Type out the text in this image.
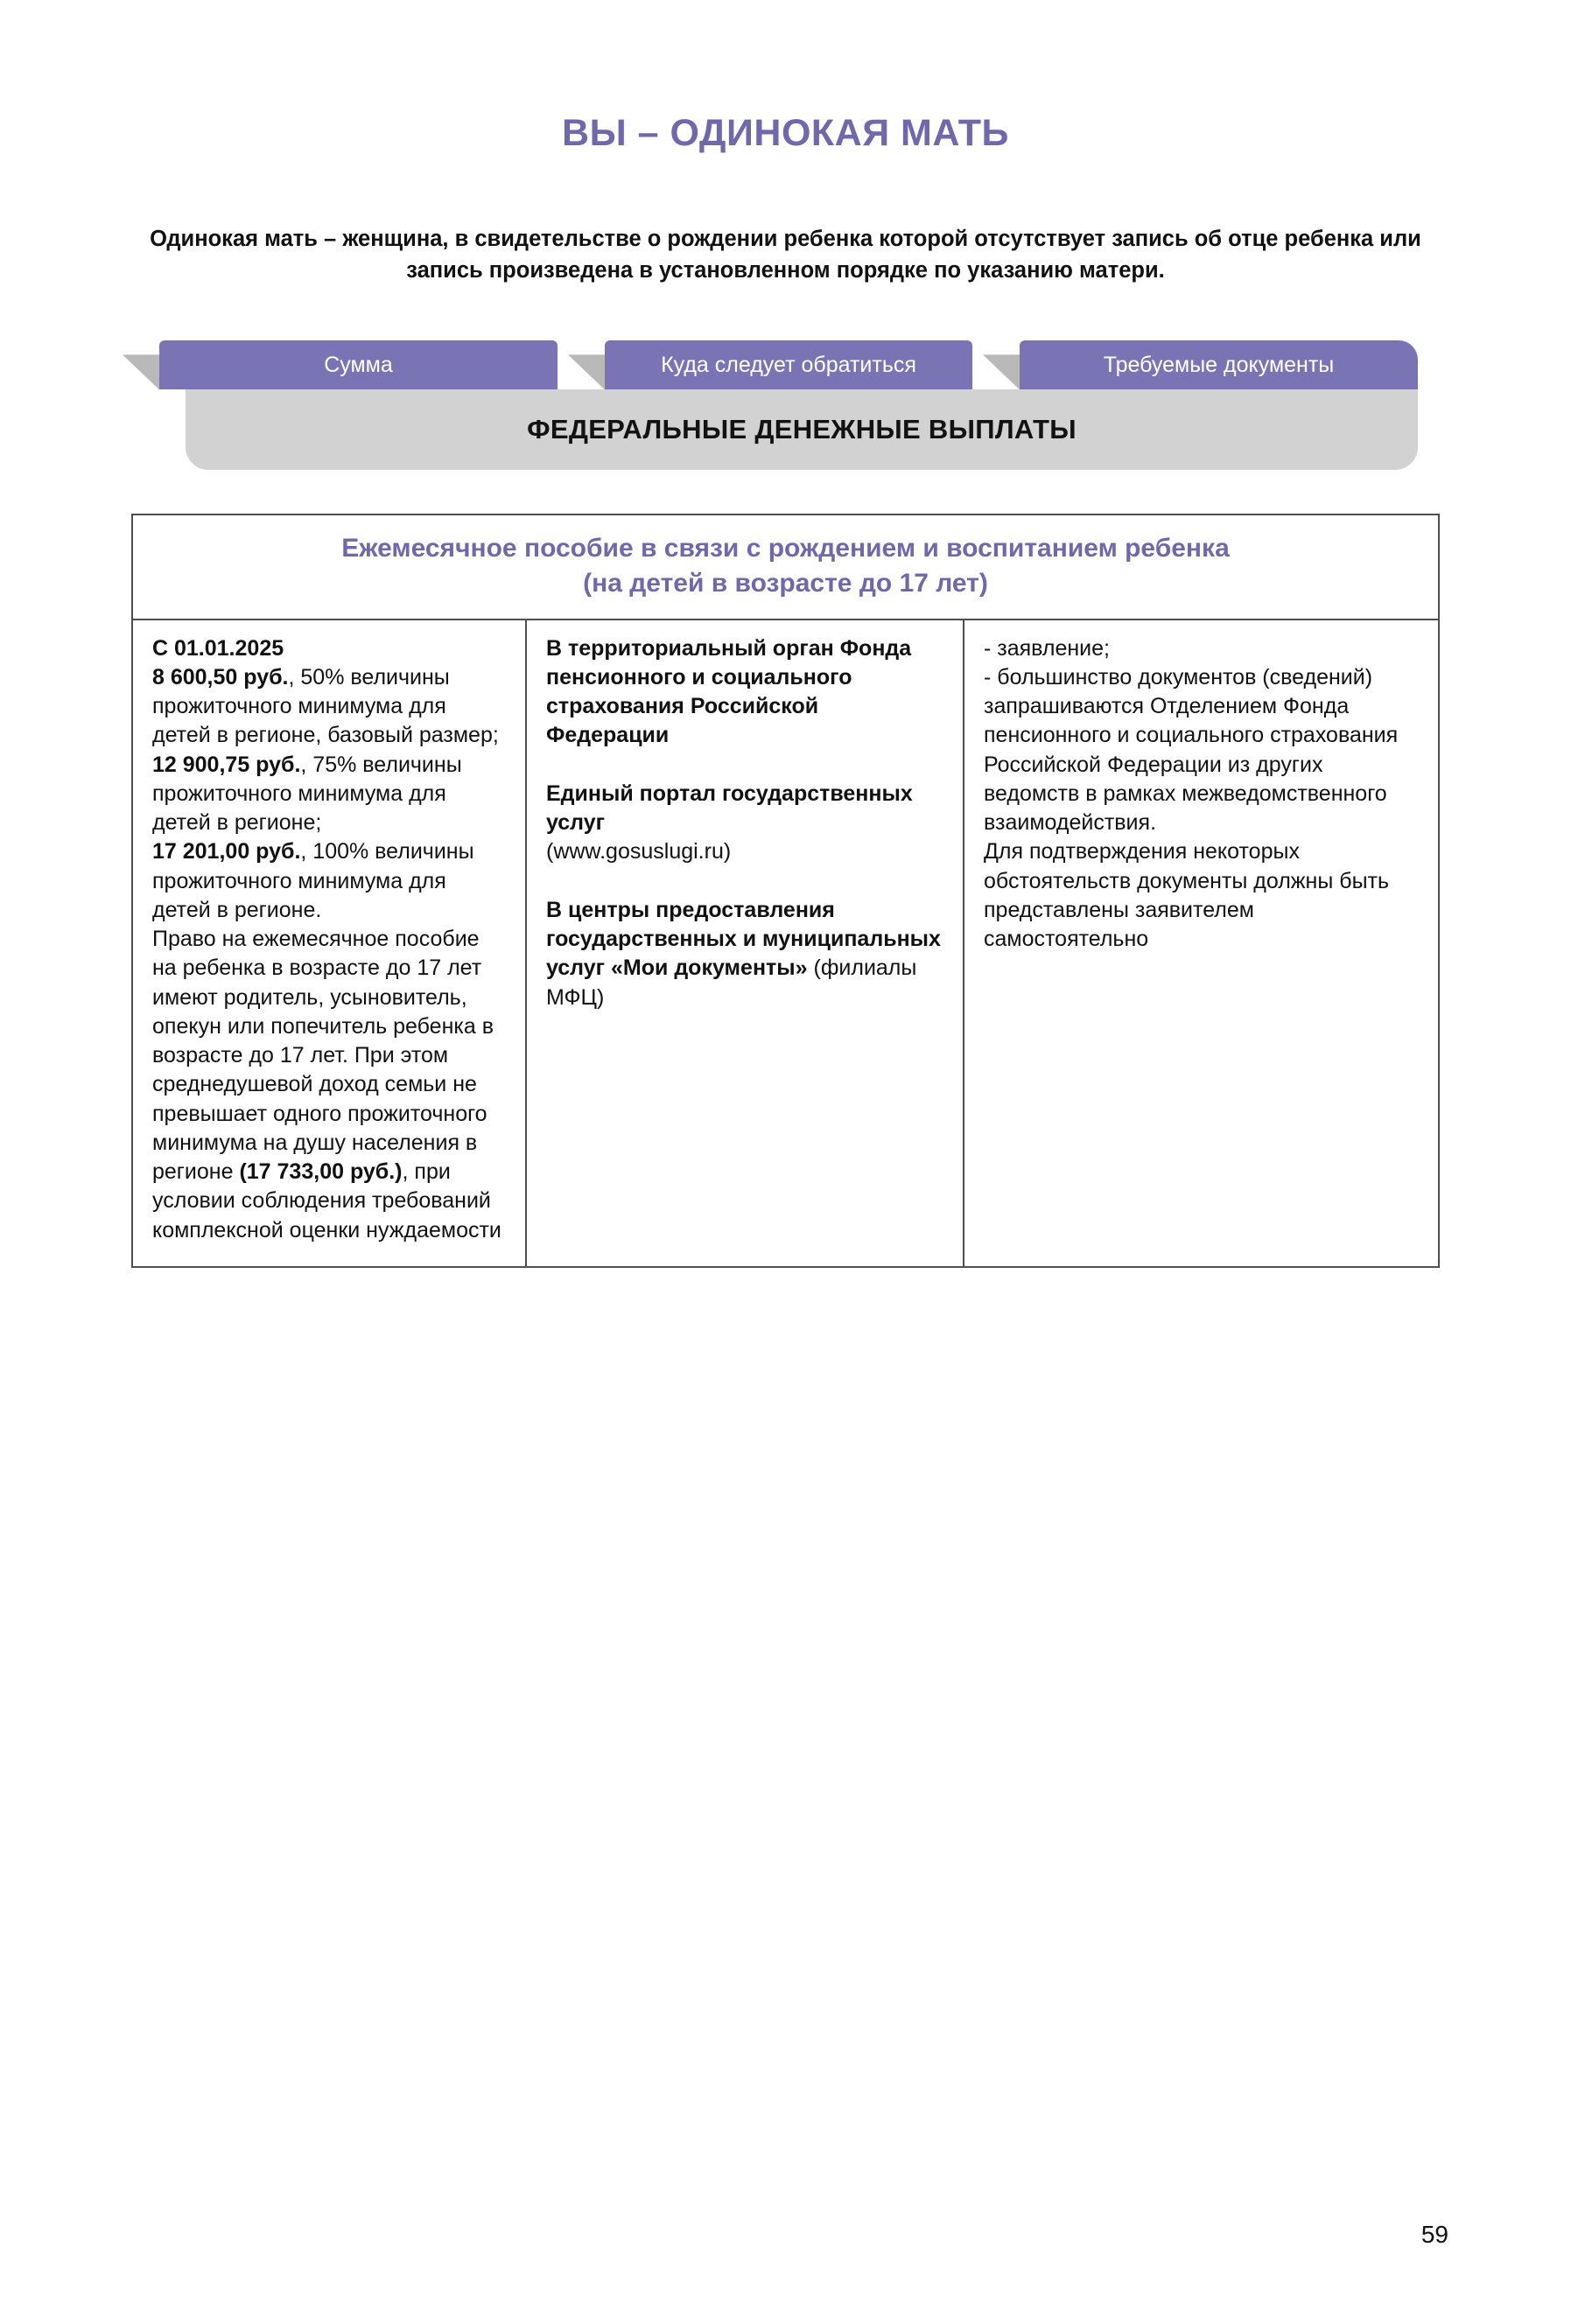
ВЫ – ОДИНОКАЯ МАТЬ

Одинокая мать – женщина, в свидетельстве о рождении ребенка которой отсутствует запись об отце ребенка или запись произведена в установленном порядке по указанию матери.

Сумма	Куда следует обратиться	Требуемые документы
ФЕДЕРАЛЬНЫЕ ДЕНЕЖНЫЕ ВЫПЛАТЫ
Ежемесячное пособие в связи с рождением и воспитанием ребенка
(на детей в возрасте до 17 лет)

С 01.01.2025

8 600,50 руб., 50% величины прожиточного минимума для детей в регионе, базовый размер;

12 900,75 руб., 75% величины прожиточного минимума для детей в регионе;

17 201,00 руб., 100% величины прожиточного минимума для детей в регионе.

Право на ежемесячное пособие на ребенка в возрасте до 17 лет имеют родитель, усыновитель, опекун или попечитель ребенка в возрасте до 17 лет. При этом среднедушевой доход семьи не превышает одного прожиточного минимума на душу населения в регионе (17 733,00 руб.), при условии соблюдения требований комплексной оценки нуждаемости

В территориальный орган Фонда пенсионного и социального страхования Российской Федерации

Единый портал государственных услуг

(www.gosuslugi.ru)

В центры предоставления государственных и муниципальных услуг «Мои документы» (филиалы МФЦ)

- заявление;

- большинство документов (сведений) запрашиваются Отделением Фонда пенсионного и социального страхования Российской Федерации из других ведомств в рамках межведомственного взаимодействия.

Для подтверждения некоторых обстоятельств документы должны быть представлены заявителем самостоятельно

59
